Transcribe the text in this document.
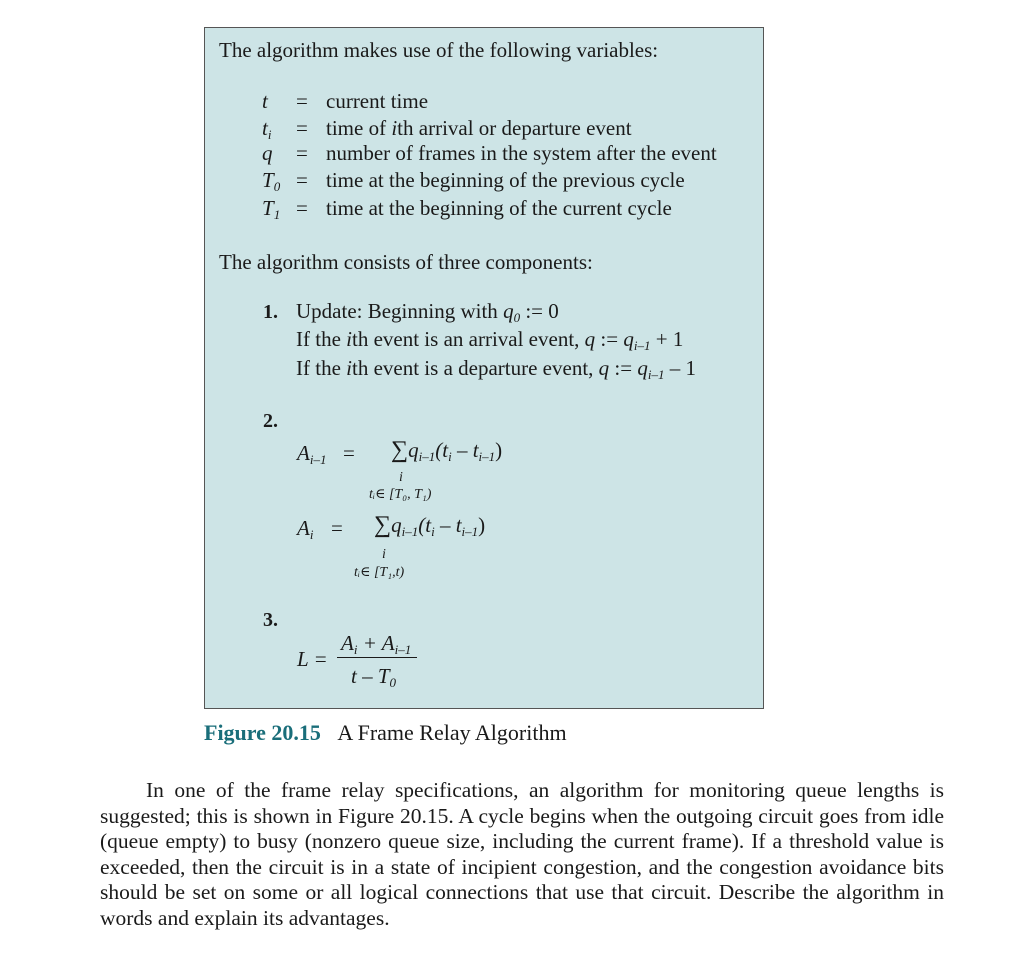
The algorithm makes use of the following variables:
t = current time
$t_i$ = time of ith arrival or departure event
q = number of frames in the system after the event
$T_0$ = time at the beginning of the previous cycle
$T_1$ = time at the beginning of the current cycle
The algorithm consists of three components:
1. Update: Beginning with $q_0$ := 0
If the ith event is an arrival event, q := $q_{i-1} + 1$
If the ith event is a departure event, q := $q_{i-1} - 1$
2.
$A_{i-1} = \sum q_{i-1}(t_i - t_{i-1})$
i
tᵢ∈ [T₀, T₁)
$A_i = \sum q_{i-1}(t_i - t_{i-1})$
i
tᵢ∈ [T₁,t)
3.
L =
$A_i + A_{i-1}$
t – $T_0$
Figure 20.15 A Frame Relay Algorithm

In one of the frame relay specifications, an algorithm for monitoring queue lengths is suggested; this is shown in Figure 20.15. A cycle begins when the outgoing circuit goes from idle (queue empty) to busy (nonzero queue size, including the current frame). If a threshold value is exceeded, then the circuit is in a state of incipient congestion, and the congestion avoidance bits should be set on some or all logical connections that use that circuit. Describe the algorithm in words and explain its advantages.
